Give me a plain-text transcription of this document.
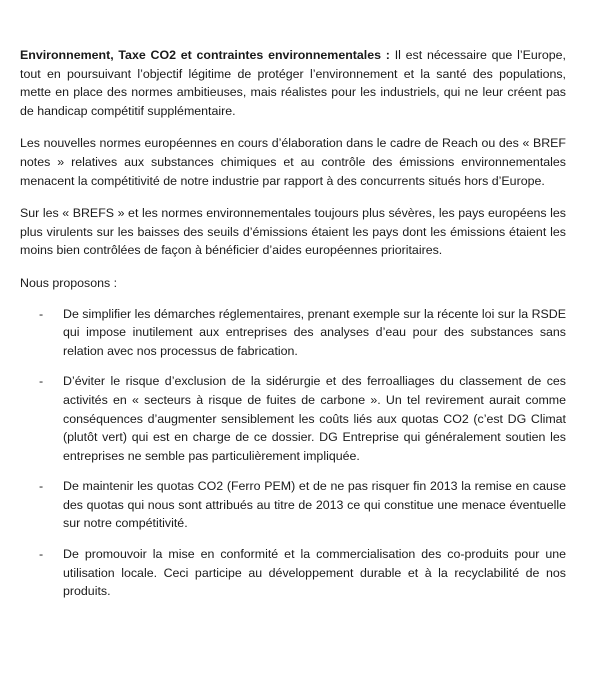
Environnement, Taxe CO2 et contraintes environnementales : Il est nécessaire que l’Europe, tout en poursuivant l’objectif légitime de protéger l’environnement et la santé des populations, mette en place des normes ambitieuses, mais réalistes pour les industriels, qui ne leur créent pas de handicap compétitif supplémentaire.

Les nouvelles normes européennes en cours d’élaboration dans le cadre de Reach ou des « BREF notes » relatives aux substances chimiques et au contrôle des émissions environnementales menacent la compétitivité de notre industrie par rapport à des concurrents situés hors d’Europe.

Sur les « BREFS » et les normes environnementales toujours plus sévères, les pays européens les plus virulents sur les baisses des seuils d’émissions étaient les pays dont les émissions étaient les moins bien contrôlées de façon à bénéficier d’aides européennes prioritaires.

Nous proposons :

- De simplifier les démarches réglementaires, prenant exemple sur la récente loi sur la RSDE qui impose inutilement aux entreprises des analyses d’eau pour des substances sans relation avec nos processus de fabrication.
- D’éviter le risque d’exclusion de la sidérurgie et des ferroalliages du classement de ces activités en « secteurs à risque de fuites de carbone ». Un tel revirement aurait comme conséquences d’augmenter sensiblement les coûts liés aux quotas CO2 (c’est DG Climat (plutôt vert) qui est en charge de ce dossier. DG Entreprise qui généralement soutien les entreprises ne semble pas particulièrement impliquée.
- De maintenir les quotas CO2 (Ferro PEM) et de ne pas risquer fin 2013 la remise en cause des quotas qui nous sont attribués au titre de 2013 ce qui constitue une menace éventuelle sur notre compétitivité.
- De promouvoir la mise en conformité et la commercialisation des co-produits pour une utilisation locale. Ceci participe au développement durable et à la recyclabilité de nos produits.
